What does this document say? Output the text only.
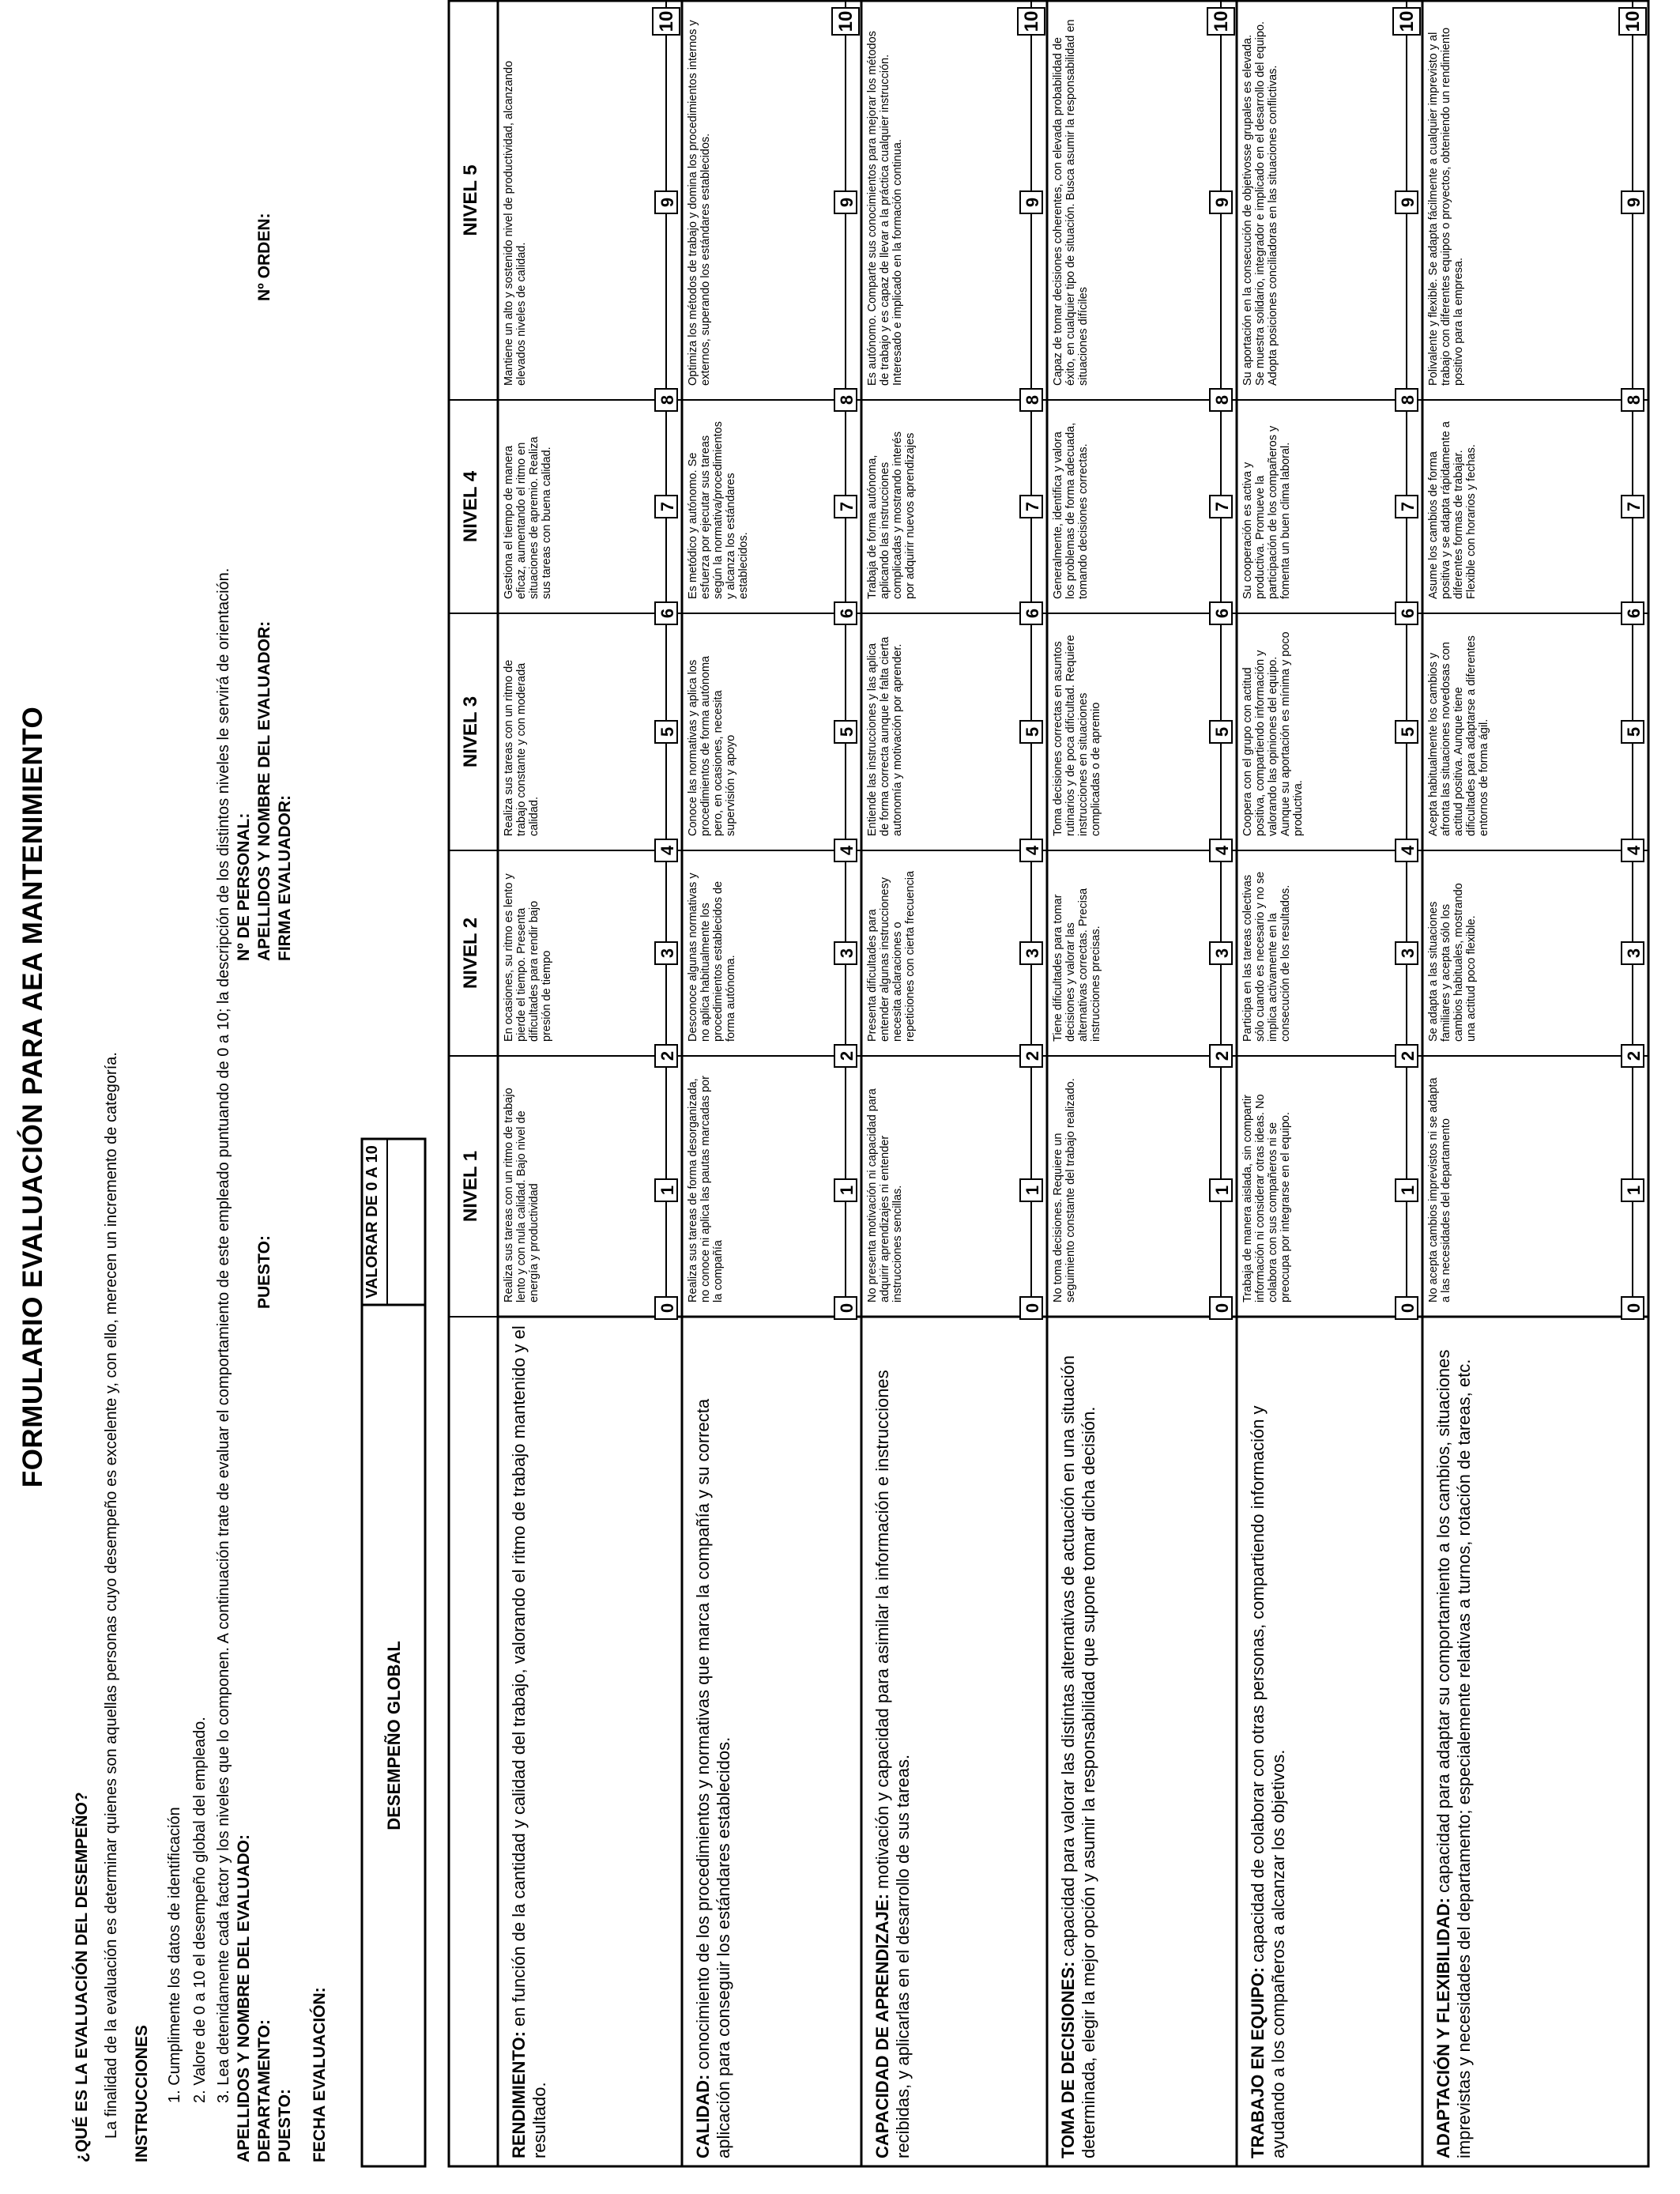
FORMULARIO EVALUACIÓN PARA AEA MANTENIMIENTO
¿QUÉ ES LA EVALUACIÓN DEL DESEMPEÑO? La finalidad de la evaluación es determinar quienes son aquellas personas cuyo desempeño es excelente y, con ello, merecen un incremento de categoría. INSTRUCCIONES 1. Cumplimente los datos de identificación 2. Valore de 0 a 10 el desempeño global del empleado. 3. Lea detenidamente cada factor y los niveles que lo componen. A continuación trate de evaluar el comportamiento de este empleado puntuando de 0 a 10; la descripción de los distintos niveles le servirá de orientación. APELLIDOS Y NOMBRE DEL EVALUADO: DEPARTAMENTO: PUESTO: FECHA EVALUACIÓN:
PUESTO:
Nº DE PERSONAL: APELLIDOS Y NOMBRE DEL EVALUADOR: FIRMA EVALUADOR:
Nº ORDEN:
DESEMPEÑO GLOBAL
VALORAR DE 0 A 10	NIVEL 1
NIVEL 2
NIVEL 3
NIVEL 4
NIVEL 5
RENDIMIENTO: en función de la cantidad y calidad del trabajo, valorando el ritmo de trabajo mantenido y el resultado.
Realiza sus tareas con un ritmo de trabajo lento y con nula calidad. Bajo nivel de energía y productividad
En ocasiones, su ritmo es lento y pierde el tiempo. Presenta dificultades para rendir bajo presión de tiempo
Realiza sus tareas con un ritmo de trabajo constante y con moderada calidad.
Gestiona el tiempo de manera eficaz, aumentando el ritmo en situaciones de apremio. Realiza sus tareas con buena calidad.
Mantiene un alto y sostenido nivel de productividad, alcanzando elevados niveles de calidad.
0
1
2
3
4
5
6
7
8
9
10
CALIDAD: conocimiento de los procedimientos y normativas que marca la compañía y su correcta aplicación para conseguir los estándares establecidos.
Realiza sus tareas de forma desorganizada, no conoce ni aplica las pautas marcadas por la compañía
Desconoce algunas normativas y no aplica habitualmente los procedimientos establecidos de forma autónoma.
Conoce las normativas y aplica los procedimientos de forma autónoma pero, en ocasiones, necesita supervisión y apoyo
Es metódico y autónomo. Se esfuerza por ejecutar sus tareas según la normativa/procedimientos y alcanza los estándares establecidos.
Optimiza los métodos de trabajo y domina los procedimientos internos y externos, superando los estándares establecidos.
0
1
2
3
4
5
6
7
8
9
10
CAPACIDAD DE APRENDIZAJE: motivación y capacidad para asimilar la información e instrucciones recibidas, y aplicarlas en el desarrollo de sus tareas.
No presenta motivación ni capacidad para adquirir aprendizajes ni entender instrucciones sencillas.
Presenta dificultades para entender algunas instruccionesy necesita aclaraciones o repeticiones con cierta frecuencia
Entiende las instrucciones y las aplica de forma correcta aunque le falta cierta autonomía y motivación por aprender.
Trabaja de forma autónoma, aplicando las instrucciones complicadas y mostrando interés por adquirir nuevos aprendizajes
Es autónomo. Comparte sus conocimientos para mejorar los métodos de trabajo y es capaz de llevar a la práctica cualquier instrucción. Interesado e implicado en la formación continua.
0
1
2
3
4
5
6
7
8
9
10
TOMA DE DECISIONES: capacidad para valorar las distintas alternativas de actuación en una situación determinada, elegir la mejor opción y asumir la responsabilidad que supone tomar dicha decisión.
No toma decisiones. Requiere un seguimiento constante del trabajo realizado.
Tiene dificultades para tomar decisiones y valorar las alternativas correctas. Precisa instrucciones precisas.
Toma decisiones correctas en asuntos rutinarios y de poca dificultad. Requiere instrucciones en situaciones complicadas o de apremio
Generalmente, identifica y valora los problemas de forma adecuada, tomando decisiones correctas.
Capaz de tomar decisiones coherentes, con elevada probabilidad de éxito, en cualquier tipo de situación. Busca asumir la responsabilidad en situaciones difíciles
0
1
2
3
4
5
6
7
8
9
10
TRABAJO EN EQUIPO: capacidad de colaborar con otras personas, compartiendo información y ayudando a los compañeros a alcanzar los objetivos.
Trabaja de manera aislada, sin compartir información ni considerar otras ideas. No colabora con sus compañeros ni se preocupa por integrarse en el equipo.
Participa en las tareas colectivas sólo cuando es necesario y no se implica activamente en la consecución de los resultados.
Coopera con el grupo con actitud positiva, compartiendo información y valorando las opiniones del equipo. Aunque su aportación es mínima y poco productiva.
Su cooperación es activa y productiva. Promueve la participación de los compañeros y fomenta un buen clima laboral.
Su aportación en la consecución de objetivosse grupales es elevada. Se muestra solidario, integrador e implicado en el desarrollo del equipo. Adopta posiciones conciliadoras en las situaciones conflictivas.
0
1
2
3
4
5
6
7
8
9
10
ADAPTACIÓN Y FLEXIBILIDAD: capacidad para adaptar su comportamiento a los cambios, situaciones imprevistas y necesidades del departamento; especialemente relativas a turnos, rotación de tareas, etc.
No acepta cambios imprevistos ni se adapta a las necesidades del departamento
Se adapta a las situaciones familiares y acepta sólo los cambios habituales, mostrando una actitud poco flexible.
Acepta habitualmente los cambios y afronta las situaciones novedosas con actitud positiva. Aunque tiene dificultades para adaptarse a diferentes entornos de forma ágil.
Asume los cambios de forma positiva y se adapta rápidamente a diferentes formas de trabajar. Flexible con horarios y fechas.
Polivalente y flexible. Se adapta fácilmente a cualquier imprevisto y al trabajo con diferentes equipos o proyectos, obteniendo un rendimiento positivo para la empresa.
0
1
2
3
4
5
6
7
8
9
10
